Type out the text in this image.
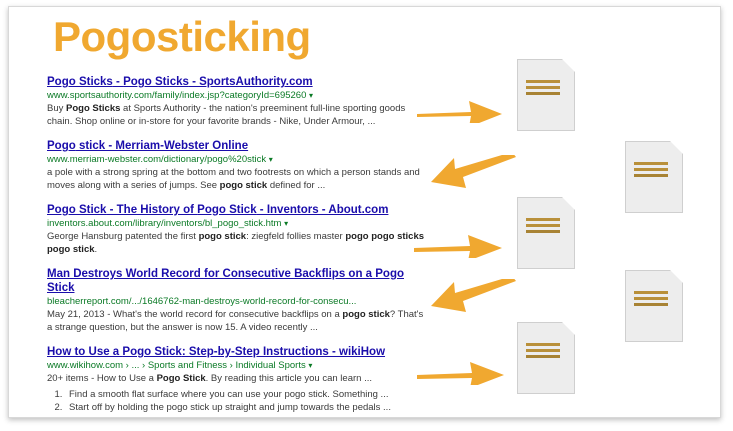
Pogosticking
Pogo Sticks - Pogo Sticks - SportsAuthority.com
www.sportsauthority.com/family/index.jsp?categoryId=695260 ▾
Buy Pogo Sticks at Sports Authority - the nation's preeminent full-line sporting goods chain. Shop online or in-store for your favorite brands - Nike, Under Armour, ...
Pogo stick - Merriam-Webster Online
www.merriam-webster.com/dictionary/pogo%20stick ▾
a pole with a strong spring at the bottom and two footrests on which a person stands and moves along with a series of jumps. See pogo stick defined for ...
Pogo Stick - The History of Pogo Stick - Inventors - About.com
inventors.about.com/library/inventors/bl_pogo_stick.htm ▾
George Hansburg patented the first pogo stick: ziegfeld follies master pogo pogo sticks pogo stick.
Man Destroys World Record for Consecutive Backflips on a Pogo Stick
bleacherreport.com/.../1646762-man-destroys-world-record-for-consecu...
May 21, 2013 - What's the world record for consecutive backflips on a pogo stick? That's a strange question, but the answer is now 15. A video recently ...
How to Use a Pogo Stick: Step-by-Step Instructions - wikiHow
www.wikihow.com › ... › Sports and Fitness › Individual Sports ▾
20+ items - How to Use a Pogo Stick. By reading this article you can learn ...
1. Find a smooth flat surface where you can use your pogo stick. Something ...
2. Start off by holding the pogo stick up straight and jump towards the pedals ...
